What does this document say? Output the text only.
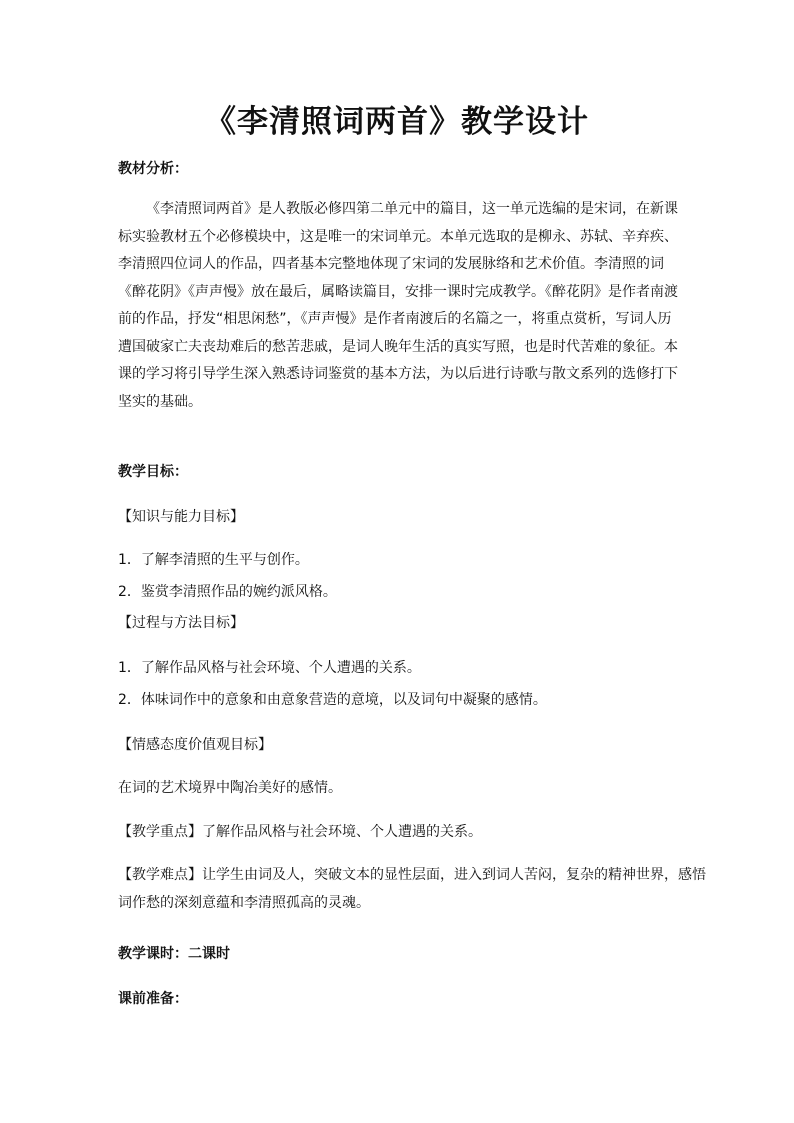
《李清照词两首》教学设计
教材分析：
《李清照词两首》是人教版必修四第二单元中的篇目，这一单元选编的是宋词，在新课
标实验教材五个必修模块中，这是唯一的宋词单元。本单元选取的是柳永、苏轼、辛弃疾、
李清照四位词人的作品，四者基本完整地体现了宋词的发展脉络和艺术价值。李清照的词
《醉花阴》《声声慢》放在最后，属略读篇目，安排一课时完成教学。《醉花阴》是作者南渡
前的作品，抒发“相思闲愁”，《声声慢》是作者南渡后的名篇之一，将重点赏析，写词人历
遭国破家亡夫丧劫难后的愁苦悲戚，是词人晚年生活的真实写照，也是时代苦难的象征。本
课的学习将引导学生深入熟悉诗词鉴赏的基本方法，为以后进行诗歌与散文系列的选修打下
坚实的基础。
教学目标：
【知识与能力目标】
1．了解李清照的生平与创作。
2．鉴赏李清照作品的婉约派风格。
【过程与方法目标】
1．了解作品风格与社会环境、个人遭遇的关系。
2．体味词作中的意象和由意象营造的意境，以及词句中凝聚的感情。
【情感态度价值观目标】
在词的艺术境界中陶冶美好的感情。
【教学重点】了解作品风格与社会环境、个人遭遇的关系。
【教学难点】让学生由词及人，突破文本的显性层面，进入到词人苦闷，复杂的精神世界，感悟
词作愁的深刻意蕴和李清照孤高的灵魂。
教学课时：二课时
课前准备：
